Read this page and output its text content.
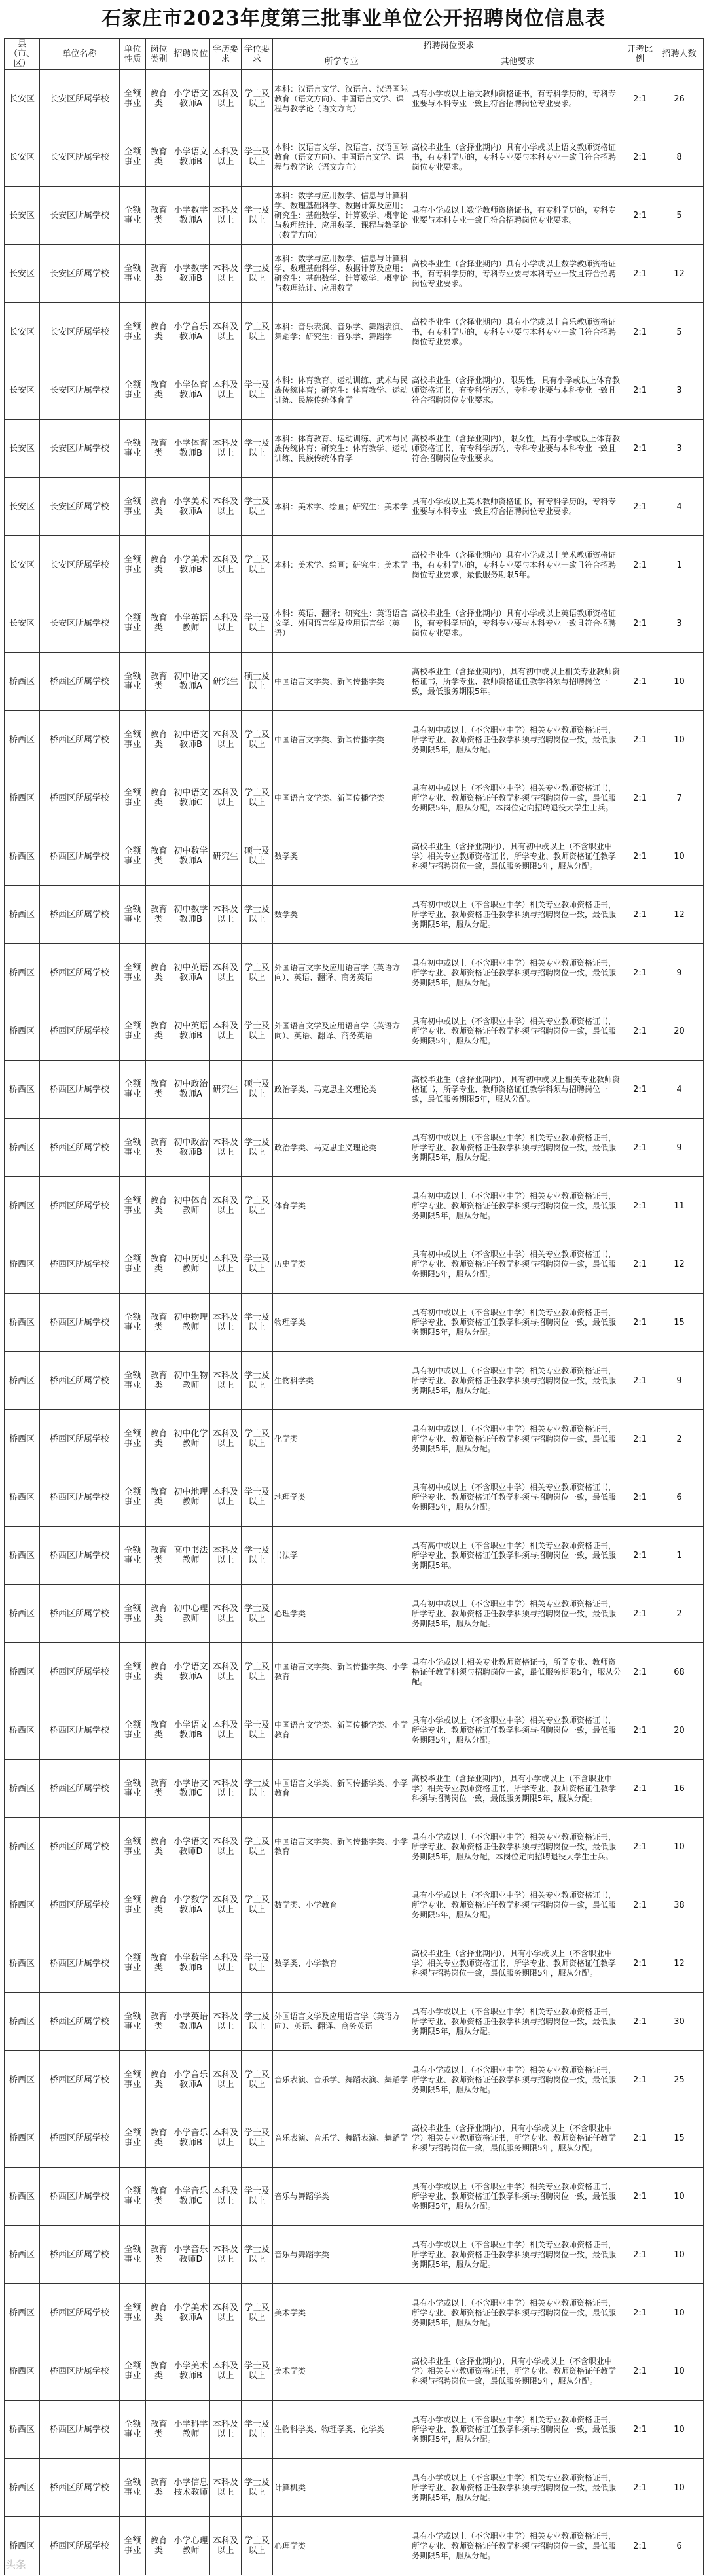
石家庄市2023年度第三批事业单位公开招聘岗位信息表
县（市、区）	单位名称	单位性质	岗位类别	招聘岗位	学历要求	学位要求	招聘岗位要求		开考比例	招聘人数
							所学专业	其他要求		
长安区	长安区所属学校	全额事业	教育类	小学语文教师A	本科及以上	学士及以上	本科：汉语言文学、汉语言、汉语国际教育（语文方向）、中国语言文学、课程与教学论（语文方向）	具有小学或以上语文教师资格证书，有专科学历的，专科专业要与本科专业一致且符合招聘岗位专业要求。	2:1	26
长安区	长安区所属学校	全额事业	教育类	小学语文教师B	本科及以上	学士及以上	本科：汉语言文学、汉语言、汉语国际教育（语文方向）、中国语言文学、课程与教学论（语文方向）	高校毕业生（含择业期内）具有小学或以上语文教师资格证书，有专科学历的，专科专业要与本科专业一致且符合招聘岗位专业要求。	2:1	8
长安区	长安区所属学校	全额事业	教育类	小学数学教师A	本科及以上	学士及以上	本科：数学与应用数学、信息与计算科学、数理基础科学、数据计算及应用；研究生：基础数学、计算数学、概率论与数理统计、应用数学、课程与教学论（数学方向）	具有小学或以上数学教师资格证书，有专科学历的，专科专业要与本科专业一致且符合招聘岗位专业要求。	2:1	5
长安区	长安区所属学校	全额事业	教育类	小学数学教师B	本科及以上	学士及以上	本科：数学与应用数学、信息与计算科学、数理基础科学、数据计算及应用；研究生：基础数学、计算数学、概率论与数理统计、应用数学	高校毕业生（含择业期内）具有小学或以上数学教师资格证书，有专科学历的，专科专业要与本科专业一致且符合招聘岗位专业要求。	2:1	12
长安区	长安区所属学校	全额事业	教育类	小学音乐教师A	本科及以上	学士及以上	本科：音乐表演、音乐学、舞蹈表演、舞蹈学；研究生：音乐学、舞蹈学	高校毕业生（含择业期内）具有小学或以上音乐教师资格证书，有专科学历的，专科专业要与本科专业一致且符合招聘岗位专业要求。	2:1	5
长安区	长安区所属学校	全额事业	教育类	小学体育教师A	本科及以上	学士及以上	本科：体育教育、运动训练、武术与民族传统体育；研究生：体育教学、运动训练、民族传统体育学	高校毕业生（含择业期内），限男性，具有小学或以上体育教师资格证书，有专科学历的，专科专业要与本科专业一致且符合招聘岗位专业要求。	2:1	3
长安区	长安区所属学校	全额事业	教育类	小学体育教师B	本科及以上	学士及以上	本科：体育教育、运动训练、武术与民族传统体育；研究生：体育教学、运动训练、民族传统体育学	高校毕业生（含择业期内），限女性，具有小学或以上体育教师资格证书，有专科学历的，专科专业要与本科专业一致且符合招聘岗位专业要求。	2:1	3
长安区	长安区所属学校	全额事业	教育类	小学美术教师A	本科及以上	学士及以上	本科：美术学、绘画；研究生：美术学	具有小学或以上美术教师资格证书，有专科学历的，专科专业要与本科专业一致且符合招聘岗位专业要求。	2:1	4
长安区	长安区所属学校	全额事业	教育类	小学美术教师B	本科及以上	学士及以上	本科：美术学、绘画；研究生：美术学	高校毕业生（含择业期内）具有小学或以上美术教师资格证书，有专科学历的，专科专业要与本科专业一致且符合招聘岗位专业要求，最低服务期限5年。	2:1	1
长安区	长安区所属学校	全额事业	教育类	小学英语教师	本科及以上	学士及以上	本科：英语、翻译；研究生：英语语言文学、外国语言学及应用语言学（英语）	高校毕业生（含择业期内）具有小学或以上英语教师资格证书，有专科学历的，专科专业要与本科专业一致且符合招聘岗位专业要求。	2:1	3
桥西区	桥西区所属学校	全额事业	教育类	初中语文教师A	研究生	硕士及以上	中国语言文学类、新闻传播学类	高校毕业生（含择业期内），具有初中或以上相关专业教师资格证书，所学专业、教师资格证任教学科须与招聘岗位一致，最低服务期限5年。	2:1	10
桥西区	桥西区所属学校	全额事业	教育类	初中语文教师B	本科及以上	学士及以上	中国语言文学类、新闻传播学类	具有初中或以上（不含职业中学）相关专业教师资格证书，所学专业、教师资格证任教学科须与招聘岗位一致，最低服务期限5年，服从分配。	2:1	10
桥西区	桥西区所属学校	全额事业	教育类	初中语文教师C	本科及以上	学士及以上	中国语言文学类、新闻传播学类	具有初中或以上（不含职业中学）相关专业教师资格证书，所学专业、教师资格证任教学科须与招聘岗位一致，最低服务期限5年，服从分配，本岗位定向招聘退役大学生士兵。	2:1	7
桥西区	桥西区所属学校	全额事业	教育类	初中数学教师A	研究生	硕士及以上	数学类	高校毕业生（含择业期内），具有初中或以上（不含职业中学）相关专业教师资格证书，所学专业、教师资格证任教学科须与招聘岗位一致，最低服务期限5年，服从分配。	2:1	10
桥西区	桥西区所属学校	全额事业	教育类	初中数学教师B	本科及以上	学士及以上	数学类	具有初中或以上（不含职业中学）相关专业教师资格证书，所学专业、教师资格证任教学科须与招聘岗位一致，最低服务期限5年，服从分配。	2:1	12
桥西区	桥西区所属学校	全额事业	教育类	初中英语教师A	本科及以上	学士及以上	外国语言文学及应用语言学（英语方向）、英语、翻译、商务英语	具有初中或以上（不含职业中学）相关专业教师资格证书，所学专业、教师资格证任教学科须与招聘岗位一致，最低服务期限5年，服从分配。	2:1	9
桥西区	桥西区所属学校	全额事业	教育类	初中英语教师B	本科及以上	学士及以上	外国语言文学及应用语言学（英语方向）、英语、翻译、商务英语	具有初中或以上（不含职业中学）相关专业教师资格证书，所学专业、教师资格证任教学科须与招聘岗位一致，最低服务期限5年，服从分配。	2:1	20
桥西区	桥西区所属学校	全额事业	教育类	初中政治教师A	研究生	硕士及以上	政治学类、马克思主义理论类	高校毕业生（含择业期内），具有初中或以上相关专业教师资格证书，所学专业、教师资格证任教学科须与招聘岗位一致，最低服务期限5年，服从分配。	2:1	4
桥西区	桥西区所属学校	全额事业	教育类	初中政治教师B	本科及以上	学士及以上	政治学类、马克思主义理论类	具有初中或以上（不含职业中学）相关专业教师资格证书，所学专业、教师资格证任教学科须与招聘岗位一致，最低服务期限5年，服从分配。	2:1	9
桥西区	桥西区所属学校	全额事业	教育类	初中体育教师	本科及以上	学士及以上	体育学类	具有初中或以上（不含职业中学）相关专业教师资格证书，所学专业、教师资格证任教学科须与招聘岗位一致，最低服务期限5年，服从分配。	2:1	11
桥西区	桥西区所属学校	全额事业	教育类	初中历史教师	本科及以上	学士及以上	历史学类	具有初中或以上（不含职业中学）相关专业教师资格证书，所学专业、教师资格证任教学科须与招聘岗位一致，最低服务期限5年，服从分配。	2:1	12
桥西区	桥西区所属学校	全额事业	教育类	初中物理教师	本科及以上	学士及以上	物理学类	具有初中或以上（不含职业中学）相关专业教师资格证书，所学专业、教师资格证任教学科须与招聘岗位一致，最低服务期限5年，服从分配。	2:1	15
桥西区	桥西区所属学校	全额事业	教育类	初中生物教师	本科及以上	学士及以上	生物科学类	具有初中或以上（不含职业中学）相关专业教师资格证书，所学专业、教师资格证任教学科须与招聘岗位一致，最低服务期限5年，服从分配。	2:1	9
桥西区	桥西区所属学校	全额事业	教育类	初中化学教师	本科及以上	学士及以上	化学类	具有初中或以上（不含职业中学）相关专业教师资格证书，所学专业、教师资格证任教学科须与招聘岗位一致，最低服务期限5年，服从分配。	2:1	2
桥西区	桥西区所属学校	全额事业	教育类	初中地理教师	本科及以上	学士及以上	地理学类	具有初中或以上（不含职业中学）相关专业教师资格证书，所学专业、教师资格证任教学科须与招聘岗位一致，最低服务期限5年，服从分配。	2:1	6
桥西区	桥西区所属学校	全额事业	教育类	高中书法教师	本科及以上	学士及以上	书法学	具有高中或以上（不含职业中学）相关专业教师资格证书，所学专业、教师资格证任教学科须与招聘岗位一致，最低服务期限5年。	2:1	1
桥西区	桥西区所属学校	全额事业	教育类	初中心理教师	本科及以上	学士及以上	心理学类	具有初中或以上（不含职业中学）相关专业教师资格证书，所学专业、教师资格证任教学科须与招聘岗位一致，最低服务期限5年，服从分配。	2:1	2
桥西区	桥西区所属学校	全额事业	教育类	小学语文教师A	本科及以上	学士及以上	中国语言文学类、新闻传播学类、小学教育	具有小学或以上相关专业教师资格证书，所学专业、教师资格证任教学科须与招聘岗位一致，最低服务期限5年，服从分配。	2:1	68
桥西区	桥西区所属学校	全额事业	教育类	小学语文教师B	本科及以上	学士及以上	中国语言文学类、新闻传播学类、小学教育	具有小学或以上（不含职业中学）相关专业教师资格证书，所学专业、教师资格证任教学科须与招聘岗位一致，最低服务期限5年，服从分配。	2:1	20
桥西区	桥西区所属学校	全额事业	教育类	小学语文教师C	本科及以上	学士及以上	中国语言文学类、新闻传播学类、小学教育	高校毕业生（含择业期内），具有小学或以上（不含职业中学）相关专业教师资格证书，所学专业、教师资格证任教学科须与招聘岗位一致，最低服务期限5年，服从分配。	2:1	16
桥西区	桥西区所属学校	全额事业	教育类	小学语文教师D	本科及以上	学士及以上	中国语言文学类、新闻传播学类、小学教育	具有小学或以上（不含职业中学）相关专业教师资格证书，所学专业、教师资格证任教学科须与招聘岗位一致，最低服务期限5年，服从分配，本岗位定向招聘退役大学生士兵。	2:1	10
桥西区	桥西区所属学校	全额事业	教育类	小学数学教师A	本科及以上	学士及以上	数学类、小学教育	具有小学或以上（不含职业中学）相关专业教师资格证书，所学专业、教师资格证任教学科须与招聘岗位一致，最低服务期限5年，服从分配。	2:1	38
桥西区	桥西区所属学校	全额事业	教育类	小学数学教师B	本科及以上	学士及以上	数学类、小学教育	高校毕业生（含择业期内），具有小学或以上（不含职业中学）相关专业教师资格证书，所学专业、教师资格证任教学科须与招聘岗位一致，最低服务期限5年，服从分配。	2:1	12
桥西区	桥西区所属学校	全额事业	教育类	小学英语教师A	本科及以上	学士及以上	外国语言文学及应用语言学（英语方向）、英语、翻译、商务英语	具有小学或以上（不含职业中学）相关专业教师资格证书，所学专业、教师资格证任教学科须与招聘岗位一致，最低服务期限5年，服从分配。	2:1	30
桥西区	桥西区所属学校	全额事业	教育类	小学音乐教师A	本科及以上	学士及以上	音乐表演、音乐学、舞蹈表演、舞蹈学	具有小学或以上（不含职业中学）相关专业教师资格证书，所学专业、教师资格证任教学科须与招聘岗位一致，最低服务期限5年，服从分配。	2:1	25
桥西区	桥西区所属学校	全额事业	教育类	小学音乐教师B	本科及以上	学士及以上	音乐表演、音乐学、舞蹈表演、舞蹈学	高校毕业生（含择业期内），具有小学或以上（不含职业中学）相关专业教师资格证书，所学专业、教师资格证任教学科须与招聘岗位一致，最低服务期限5年，服从分配。	2:1	15
桥西区	桥西区所属学校	全额事业	教育类	小学音乐教师C	本科及以上	学士及以上	音乐与舞蹈学类	具有小学或以上（不含职业中学）相关专业教师资格证书，所学专业、教师资格证任教学科须与招聘岗位一致，最低服务期限5年，服从分配。	2:1	10
桥西区	桥西区所属学校	全额事业	教育类	小学音乐教师D	本科及以上	学士及以上	音乐与舞蹈学类	具有小学或以上（不含职业中学）相关专业教师资格证书，所学专业、教师资格证任教学科须与招聘岗位一致，最低服务期限5年，服从分配。	2:1	10
桥西区	桥西区所属学校	全额事业	教育类	小学美术教师A	本科及以上	学士及以上	美术学类	具有小学或以上（不含职业中学）相关专业教师资格证书，所学专业、教师资格证任教学科须与招聘岗位一致，最低服务期限5年，服从分配。	2:1	10
桥西区	桥西区所属学校	全额事业	教育类	小学美术教师B	本科及以上	学士及以上	美术学类	高校毕业生（含择业期内），具有小学或以上（不含职业中学）相关专业教师资格证书，所学专业、教师资格证任教学科须与招聘岗位一致，最低服务期限5年，服从分配。	2:1	10
桥西区	桥西区所属学校	全额事业	教育类	小学科学教师	本科及以上	学士及以上	生物科学类、物理学类、化学类	具有小学或以上（不含职业中学）相关专业教师资格证书，所学专业、教师资格证任教学科须与招聘岗位一致，最低服务期限5年，服从分配。	2:1	10
桥西区	桥西区所属学校	全额事业	教育类	小学信息技术教师	本科及以上	学士及以上	计算机类	具有小学或以上（不含职业中学）相关专业教师资格证书，所学专业、教师资格证任教学科须与招聘岗位一致，最低服务期限5年，服从分配。	2:1	10
桥西区	桥西区所属学校	全额事业	教育类	小学心理教师	本科及以上	学士及以上	心理学类	具有小学或以上（不含职业中学）相关专业教师资格证书，所学专业、教师资格证任教学科须与招聘岗位一致，最低服务期限5年，服从分配。	2:1	6
头条
